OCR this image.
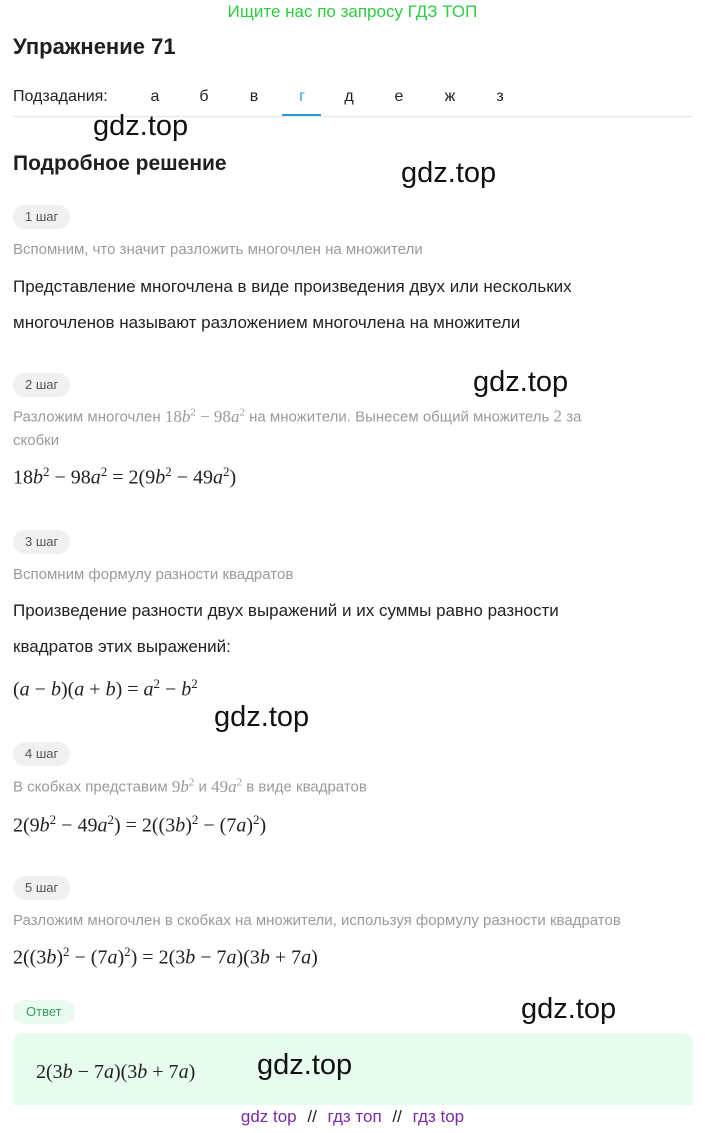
Ищите нас по запросу ГДЗ ТОП
Упражнение 71
Подзадания:	а	б	в	г	д	е	ж	з
Подробное решение
1 шаг
Вспомним, что значит разложить многочлен на множители
Представление многочлена в виде произведения двух или нескольких
многочленов называют разложением многочлена на множители
2 шаг
Разложим многочлен $18b^2 - 98a^2$ на множители. Вынесем общий множитель 2 за
скобки
$18b^2 - 98a^2 = 2(9b^2 - 49a^2)$
3 шаг
Вспомним формулу разности квадратов
Произведение разности двух выражений и их суммы равно разности
квадратов этих выражений:
$(a - b)(a + b) = a^2 - b^2$
4 шаг
В скобках представим $9b^2$ и $49a^2$ в виде квадратов
$2(9b^2 - 49a^2) = 2((3b)^2 - (7a)^2)$
5 шаг
Разложим многочлен в скобках на множители, используя формулу разности квадратов
$2((3b)^2 - (7a)^2) = 2(3b - 7a)(3b + 7a)$
Ответ
2(3b − 7a)(3b + 7a)
gdz.top
gdz.top
gdz.top
gdz.top
gdz.top
gdz.top
gdz top // гдз топ // гдз top
